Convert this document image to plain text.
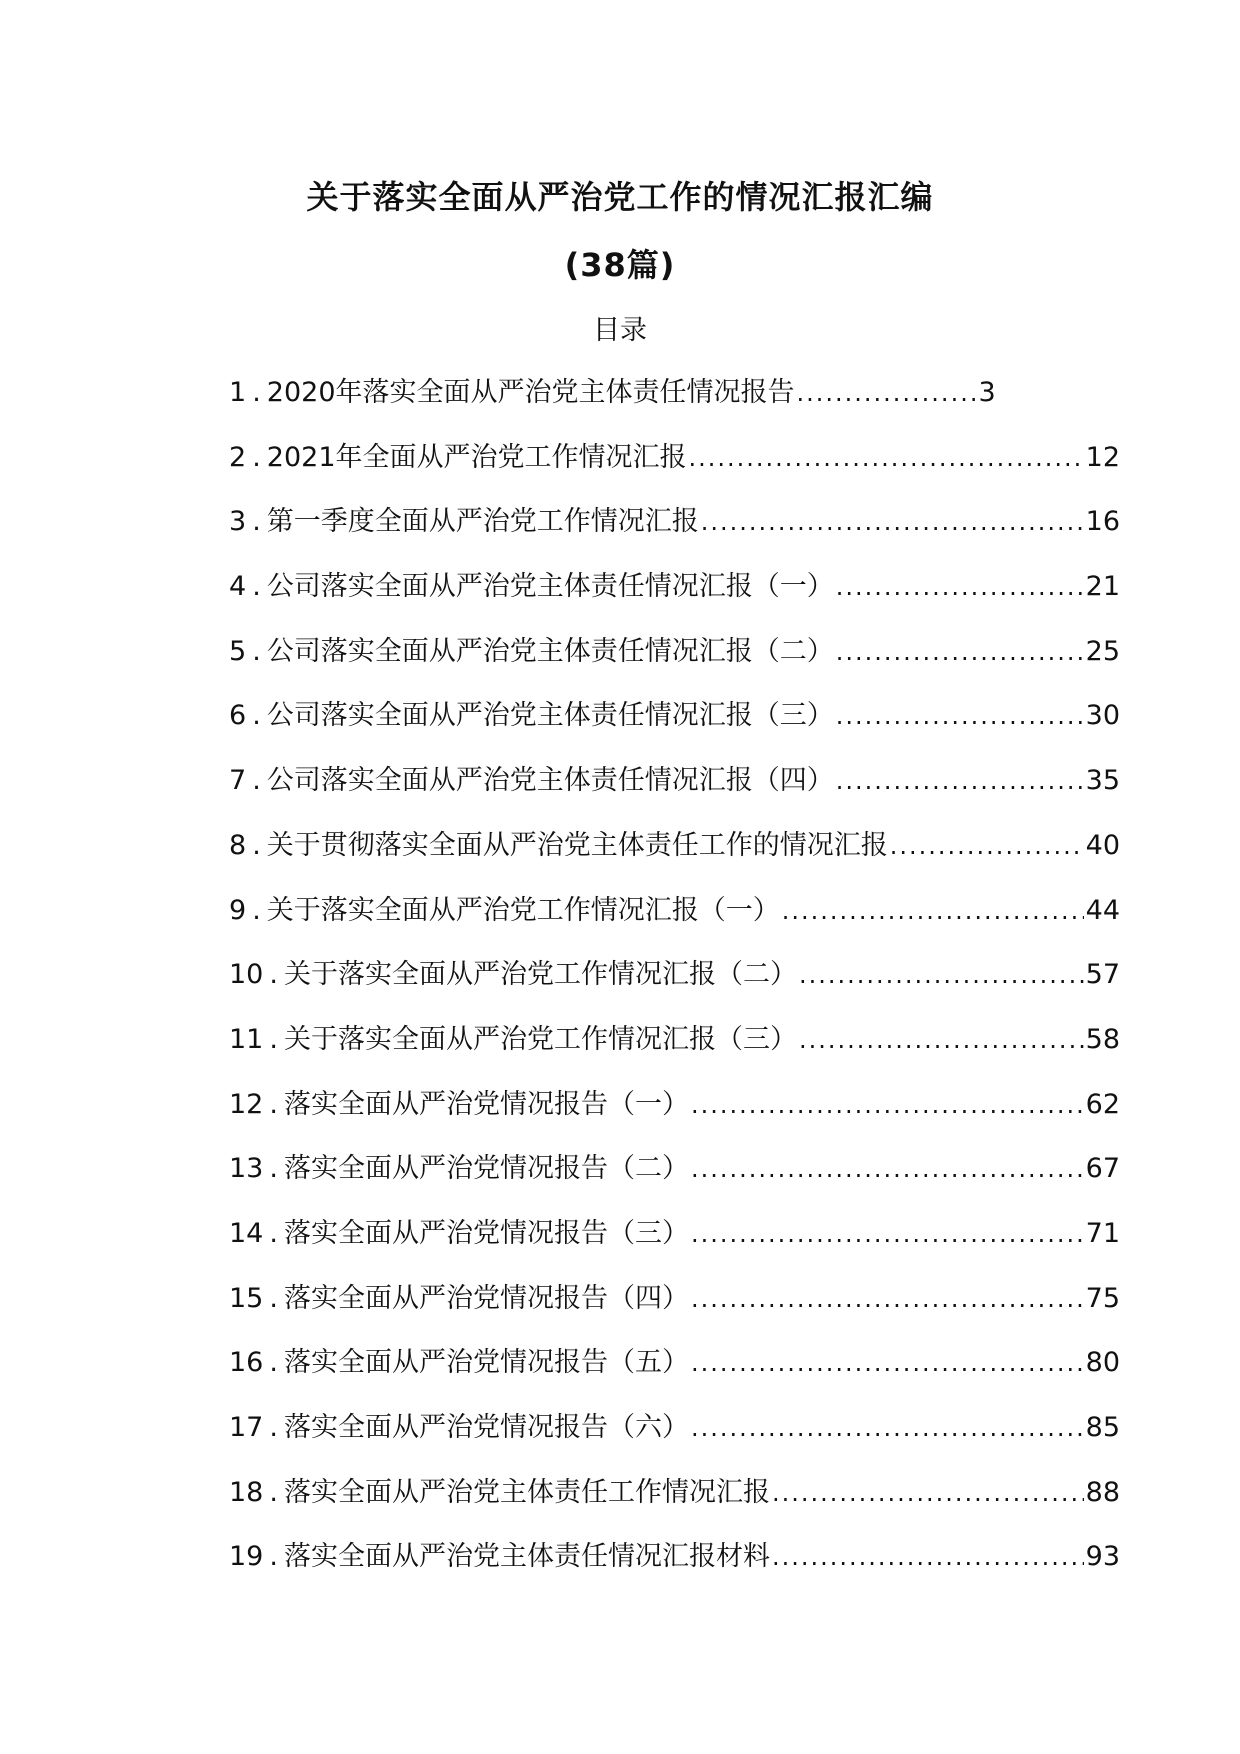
关于落实全面从严治党工作的情况汇报汇编
(38篇)
目录
1 . 2020年落实全面从严治党主体责任情况报告 .....	3
2 . 2021年全面从严治党工作情况汇报 .....	12
3 . 第一季度全面从严治党工作情况汇报 .....	16
4 . 公司落实全面从严治党主体责任情况汇报（一） .....	21
5 . 公司落实全面从严治党主体责任情况汇报（二） .....	25
6 . 公司落实全面从严治党主体责任情况汇报（三） .....	30
7 . 公司落实全面从严治党主体责任情况汇报（四） .....	35
8 . 关于贯彻落实全面从严治党主体责任工作的情况汇报 .....	40
9 . 关于落实全面从严治党工作情况汇报（一） .....	44
10 . 关于落实全面从严治党工作情况汇报（二） .....	57
11 . 关于落实全面从严治党工作情况汇报（三） .....	58
12 . 落实全面从严治党情况报告（一） .....	62
13 . 落实全面从严治党情况报告（二） .....	67
14 . 落实全面从严治党情况报告（三） .....	71
15 . 落实全面从严治党情况报告（四） .....	75
16 . 落实全面从严治党情况报告（五） .....	80
17 . 落实全面从严治党情况报告（六） .....	85
18 . 落实全面从严治党主体责任工作情况汇报 .....	88
19 . 落实全面从严治党主体责任情况汇报材料 .....	93
